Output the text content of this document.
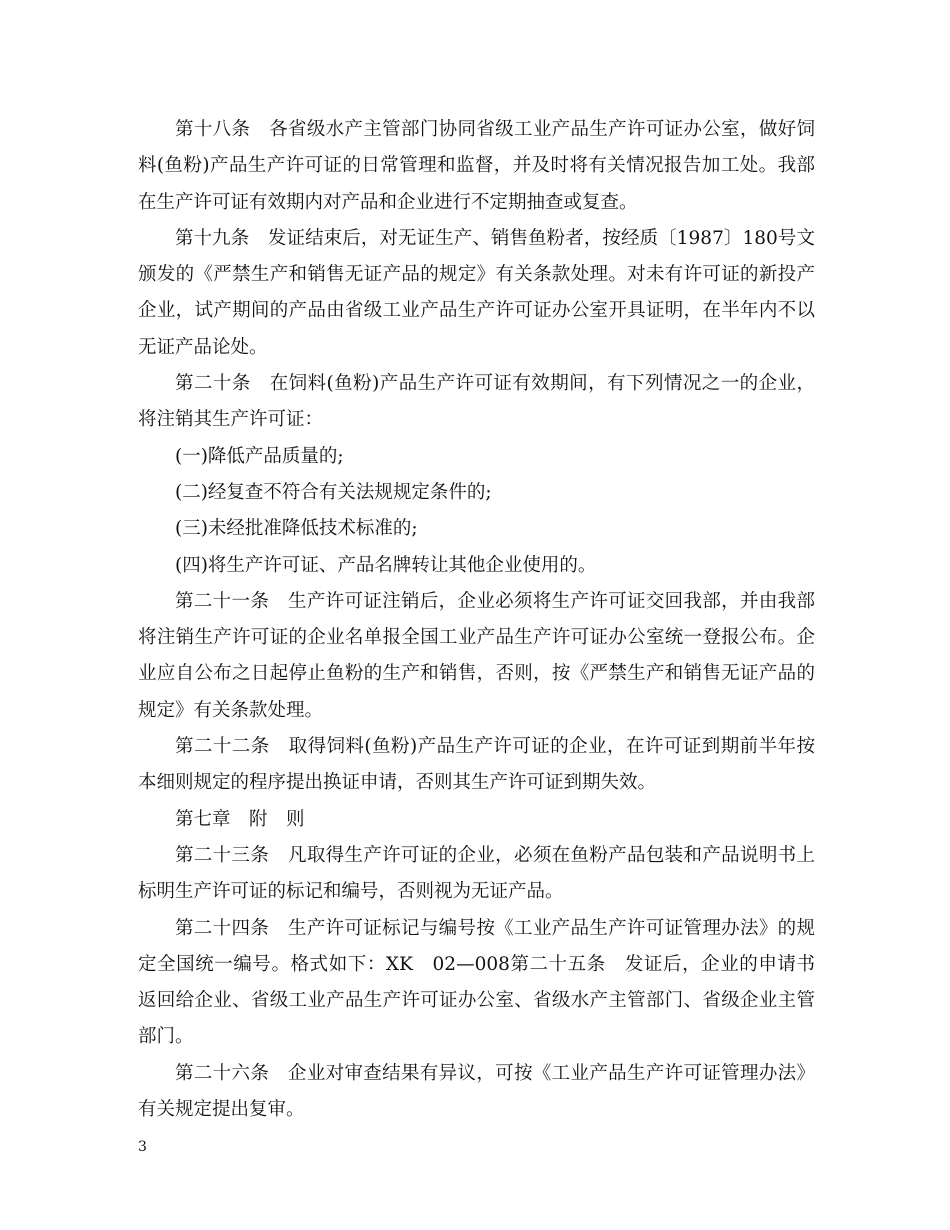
第十八条　各省级水产主管部门协同省级工业产品生产许可证办公室，做好饲料(鱼粉)产品生产许可证的日常管理和监督，并及时将有关情况报告加工处。我部在生产许可证有效期内对产品和企业进行不定期抽查或复查。

第十九条　发证结束后，对无证生产、销售鱼粉者，按经质〔1987〕180号文颁发的《严禁生产和销售无证产品的规定》有关条款处理。对未有许可证的新投产企业，试产期间的产品由省级工业产品生产许可证办公室开具证明，在半年内不以无证产品论处。

第二十条　在饲料(鱼粉)产品生产许可证有效期间，有下列情况之一的企业，将注销其生产许可证：

(一)降低产品质量的;

(二)经复查不符合有关法规规定条件的;

(三)未经批准降低技术标准的;

(四)将生产许可证、产品名牌转让其他企业使用的。

第二十一条　生产许可证注销后，企业必须将生产许可证交回我部，并由我部将注销生产许可证的企业名单报全国工业产品生产许可证办公室统一登报公布。企业应自公布之日起停止鱼粉的生产和销售，否则，按《严禁生产和销售无证产品的规定》有关条款处理。

第二十二条　取得饲料(鱼粉)产品生产许可证的企业，在许可证到期前半年按本细则规定的程序提出换证申请，否则其生产许可证到期失效。

第七章　附　则

第二十三条　凡取得生产许可证的企业，必须在鱼粉产品包装和产品说明书上标明生产许可证的标记和编号，否则视为无证产品。

第二十四条　生产许可证标记与编号按《工业产品生产许可证管理办法》的规定全国统一编号。格式如下：XK　02—008第二十五条　发证后，企业的申请书返回给企业、省级工业产品生产许可证办公室、省级水产主管部门、省级企业主管部门。

第二十六条　企业对审查结果有异议，可按《工业产品生产许可证管理办法》有关规定提出复审。

3
